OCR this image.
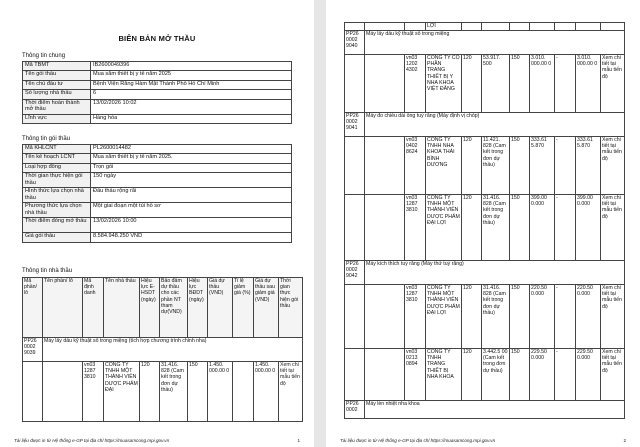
BIÊN BẢN MỞ THẦU
Thông tin chung
Mã TBMT	IB2600049396
Tên gói thầu	Mua sắm thiết bị y tế năm 2025
Tên chủ đầu tư	Bệnh Viện Răng Hàm Mặt Thành Phố Hồ Chí Minh
Số lượng nhà thầu	6
Thời điểm hoàn thành mở thầu	13/02/2026 10:02
Lĩnh vực	Hàng hóa
Thông tin gói thầu
Mã KHLCNT	PL2600014482
Tên kế hoạch LCNT	Mua sắm thiết bị y tế năm 2025.
Loại hợp đồng	Trọn gói
Thời gian thực hiện gói thầu	150 ngày
Hình thức lựa chọn nhà thầu	Đấu thầu rộng rãi
Phương thức lựa chọn nhà thầu	Một giai đoạn một túi hồ sơ
Thời điểm đóng mở thầu	13/02/2026 10:00
Giá gói thầu	8.584.948.250 VND
Thông tin nhà thầu
Mã phần/ lô	Tên phần/ lô	Mã định danh	Tên nhà thầu	Hiệu lực E-HSDT (ngày)	Bảo đảm dự thầu cho các phần NT tham dự(VND)	Hiệu lực BĐDT (ngày)	Giá dự thầu (VND)	Tỉ lệ giảm giá (%)	Giá dự thầu sau giảm giá (VND)	Thời gian thực hiện gói thầu
PP26 0002 9039	Máy lấy dấu kỹ thuật số trong miệng (tích hợp chương trình chỉnh nha)									
		vn03 1287 3810	CÔNG TY TNHH MỘT THÀNH VIÊN DƯỢC PHẨM ĐẠI	120	31.416. 828 (Cam kết trong đơn dự thầu)	150	1.450. 000.00 0		1.450. 000.00 0	Xem chi tiết tại mẫu tiến độ
Tài liệu được in từ Hệ thống e-GP tại địa chỉ https://muasamcong.mpi.gov.vn	1
			LỢI							
PP26 0002 9040	Máy lấy dấu kỹ thuật số trong miệng									
		vn03 1202 4302	CÔNG TY CỔ PHẦN TRANG THIẾT BỊ Y NHA KHOA VIỆT ĐĂNG	120	53.917. 500	150	3.010. 000.00 0	-	3.010. 000.00 0	Xem chi tiết tại mẫu tiến độ
PP26 0002 9041	Máy đo chiều dài ống tuỷ răng (Máy định vị chóp)									
		vn03 0402 8624	CÔNG TY TNHH NHA KHOA THÁI BÌNH DƯƠNG	120	11.421. 828 (Cam kết trong đơn dự thầu)	150	333.61 5.870	-	333.61 5.870	Xem chi tiết tại mẫu tiến độ
		vn03 1287 3810	CÔNG TY TNHH MỘT THÀNH VIÊN DƯỢC PHẨM ĐẠI LỢI	120	31.416. 828 (Cam kết trong đơn dự thầu)	150	399.00 0.000	-	399.00 0.000	Xem chi tiết tại mẫu tiến độ
PP26 0002 9042	Máy kích thích tuỷ răng (Máy thử tuỷ răng)									
		vn03 1287 3810	CÔNG TY TNHH MỘT THÀNH VIÊN DƯỢC PHẨM ĐẠI LỢI	120	31.416. 828 (Cam kết trong đơn dự thầu)	150	220.50 0.000	-	220.50 0.000	Xem chi tiết tại mẫu tiến độ
		vn03 0213 0894	CÔNG TY TNHH TRANG THIẾT BỊ NHA KHOA	120	3.442.5 00 (Cam kết trong đơn dự thầu)	150	229.50 0.000	-	229.50 0.000	Xem chi tiết tại mẫu tiến độ
PP26 0002	Máy lèn nhiệt nha khoa									
Tài liệu được in từ Hệ thống e-GP tại địa chỉ https://muasamcong.mpi.gov.vn	2
